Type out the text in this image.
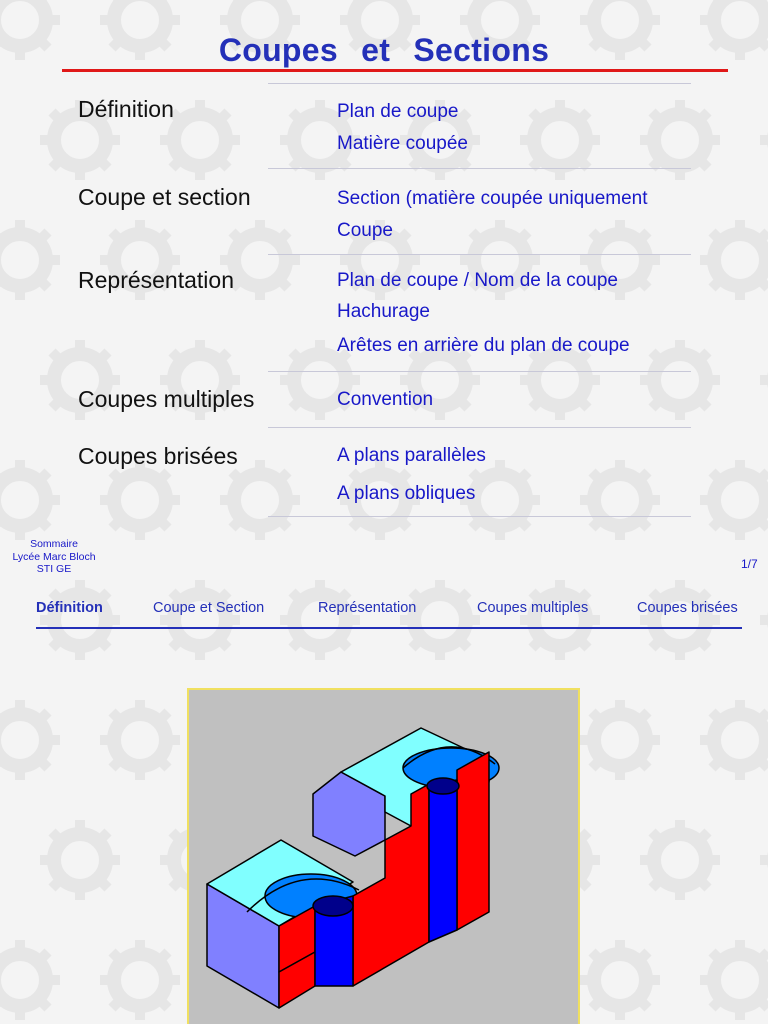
Coupes et Sections
Définition	Plan de coupe
Matière coupée
Coupe et section	Section (matière coupée uniquement
Coupe
Représentation	Plan de coupe / Nom de la coupe
Hachurage
Arêtes en arrière du plan de coupe
Coupes multiples	Convention
Coupes brisées	A plans parallèles
A plans obliques
Sommaire
Lycée Marc Bloch
STI GE	1/7
Définition	Coupe et Section	Représentation	Coupes multiples	Coupes brisées
